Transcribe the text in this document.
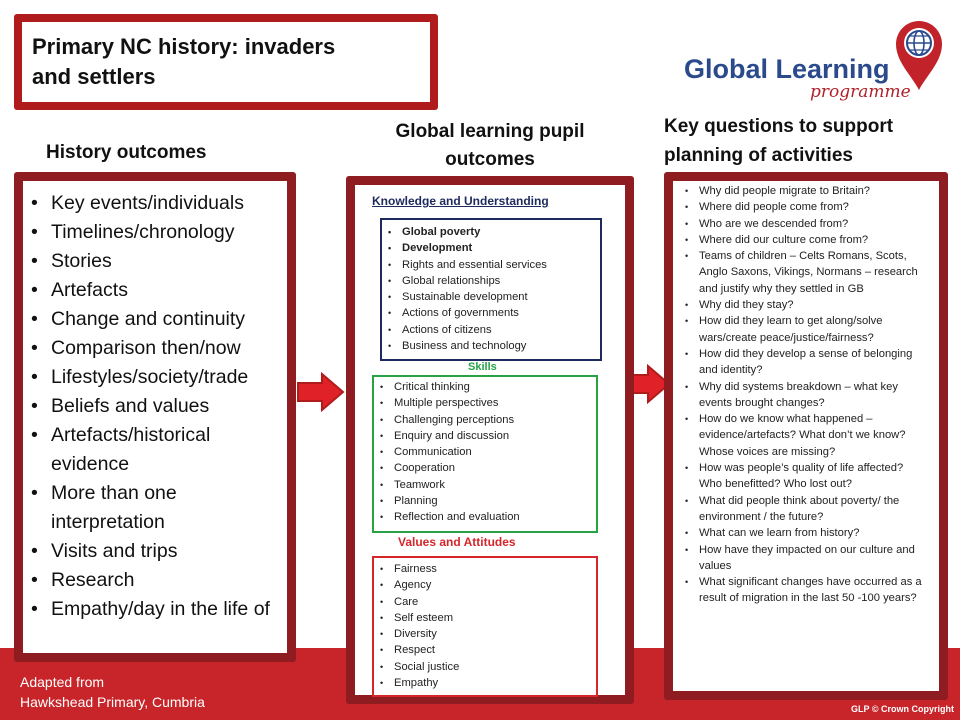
Primary NC history: invaders
and settlers	Global Learning
programme
History outcomes
Global learning pupil
outcomes
Key questions to support
planning of activities
• Key events/individuals
• Timelines/chronology
• Stories
• Artefacts
• Change and continuity
• Comparison then/now
• Lifestyles/society/trade
• Beliefs and values
• Artefacts/historical evidence
• More than one interpretation
• Visits and trips
• Research
• Empathy/day in the life of
Knowledge and Understanding
• Global poverty
• Development
• Rights and essential services
• Global relationships
• Sustainable development
• Actions of governments
• Actions of citizens
• Business and technology
Skills
• Critical thinking
• Multiple perspectives
• Challenging perceptions
• Enquiry and discussion
• Communication
• Cooperation
• Teamwork
• Planning
• Reflection and evaluation
Values and Attitudes
• Fairness
• Agency
• Care
• Self esteem
• Diversity
• Respect
• Social justice
• Empathy
• Why did people migrate to Britain?
• Where did people come from?
• Who are we descended from?
• Where did our culture come from?
• Teams of children – Celts Romans, Scots, Anglo Saxons, Vikings, Normans – research and justify why they settled in GB
• Why did they stay?
• How did they learn to get along/solve wars/create peace/justice/fairness?
• How did they develop a sense of belonging and identity?
• Why did systems breakdown – what key events brought changes?
• How do we know what happened – evidence/artefacts? What don’t we know? Whose voices are missing?
• How was people’s quality of life affected? Who benefitted? Who lost out?
• What did people think about poverty/ the environment / the future?
• What can we learn from history?
• How have they impacted on our culture and values
• What significant changes have occurred as a result of migration in the last 50 -100 years?
Adapted from
Hawkshead Primary, Cumbria	GLP © Crown Copyright
